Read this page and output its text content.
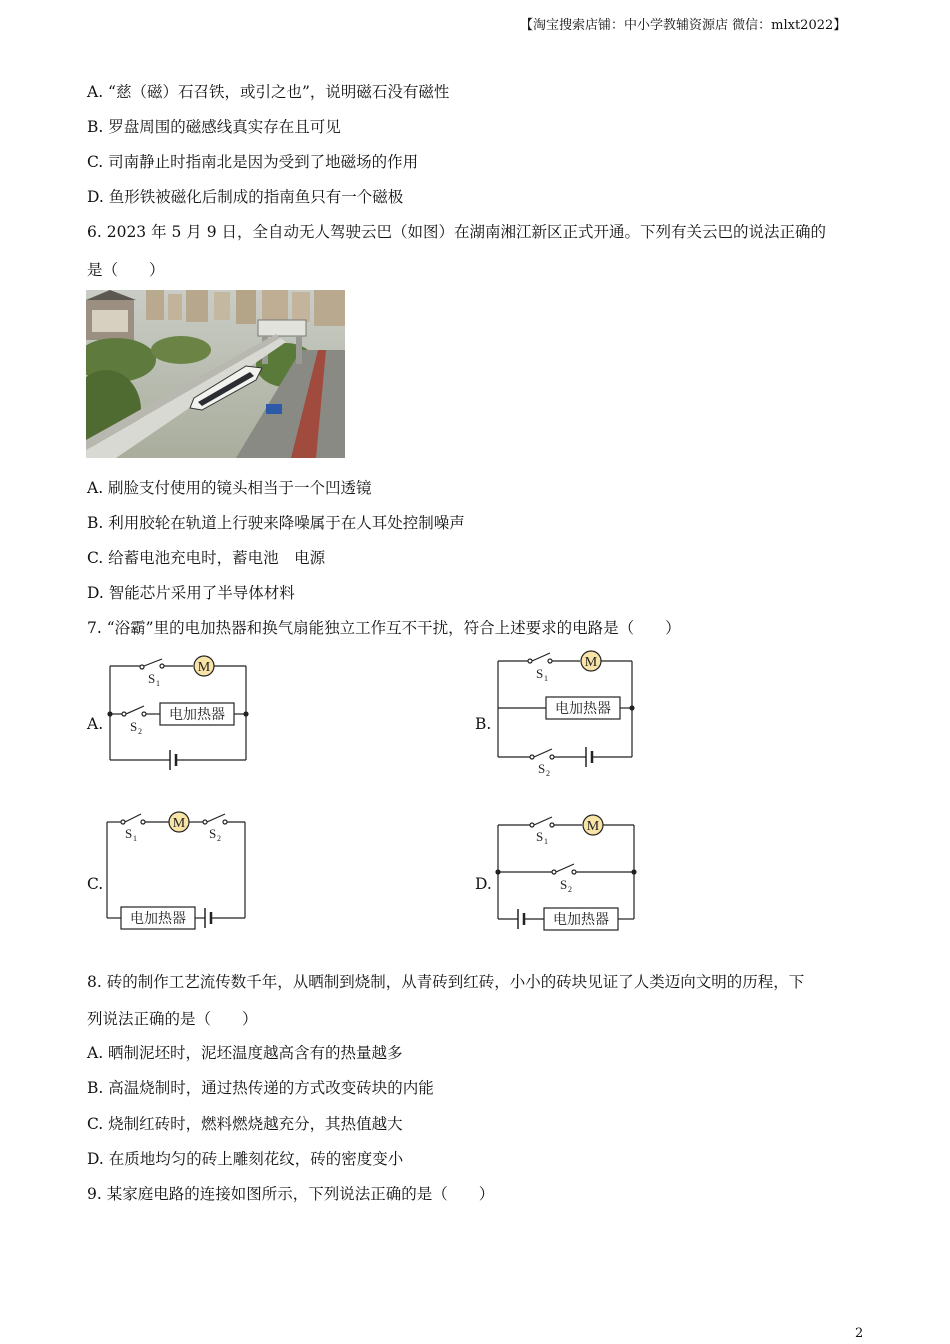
【淘宝搜索店铺：中小学教辅资源店 微信：mlxt2022】
A. “慈（磁）石召铁，或引之也”，说明磁石没有磁性
B. 罗盘周围的磁感线真实存在且可见
C. 司南静止时指南北是因为受到了地磁场的作用
D. 鱼形铁被磁化后制成的指南鱼只有一个磁极
6. 2023 年 5 月 9 日，全自动无人驾驶云巴（如图）在湖南湘江新区正式开通。下列有关云巴的说法正确的
是（　　）
A. 刷脸支付使用的镜头相当于一个凹透镜
B. 利用胶轮在轨道上行驶来降噪属于在人耳处控制噪声
C. 给蓄电池充电时，蓄电池　电源
D. 智能芯片采用了半导体材料
7. “浴霸”里的电加热器和换气扇能独立工作互不干扰，符合上述要求的电路是（　　）
A.
M
电加热器
S 1
S 2	B.
M
电加热器
S 1
S 2
C.
M
电加热器
S 1	S 2
D.
M
电加热器
S 1
S 2
8. 砖的制作工艺流传数千年，从晒制到烧制，从青砖到红砖，小小的砖块见证了人类迈向文明的历程，下
列说法正确的是（　　）
A. 晒制泥坯时，泥坯温度越高含有的热量越多
B. 高温烧制时，通过热传递的方式改变砖块的内能
C. 烧制红砖时，燃料燃烧越充分，其热值越大
D. 在质地均匀的砖上雕刻花纹，砖的密度变小
9. 某家庭电路的连接如图所示，下列说法正确的是（　　）
2
